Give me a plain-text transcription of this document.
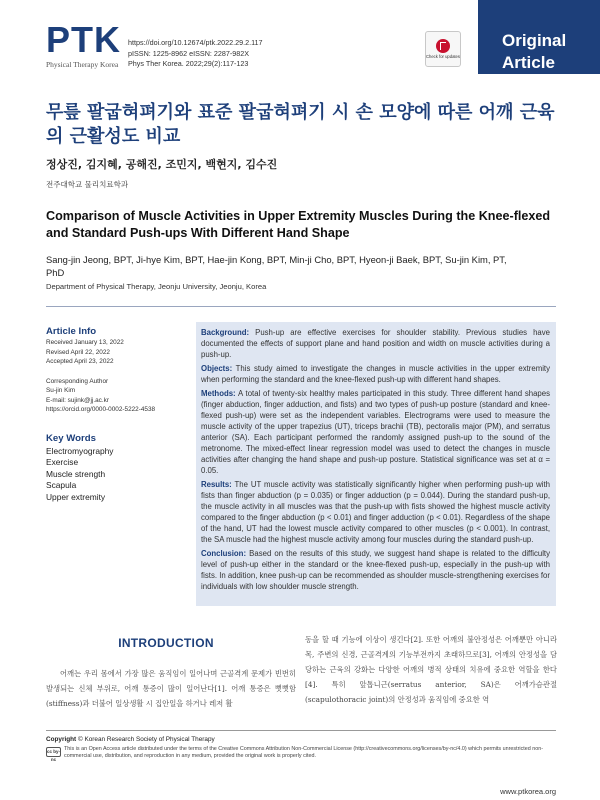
PTK
Physical Therapy Korea
https://doi.org/10.12674/ptk.2022.29.2.117
pISSN: 1225-8962 eISSN: 2287-982X
Phys Ther Korea. 2022;29(2):117-123
Check for updates
Original
Article
무릎 팔굽혀펴기와 표준 팔굽혀펴기 시 손 모양에 따른 어깨 근육의 근활성도 비교
정상진, 김지혜, 공해진, 조민지, 백현지, 김수진
전주대학교 물리치료학과
Comparison of Muscle Activities in Upper Extremity Muscles During the Knee-flexed and Standard Push-ups With Different Hand Shape
Sang-jin Jeong, BPT, Ji-hye Kim, BPT, Hae-jin Kong, BPT, Min-ji Cho, BPT, Hyeon-ji Baek, BPT, Su-jin Kim, PT, PhD
Department of Physical Therapy, Jeonju University, Jeonju, Korea
Article Info
Received January 13, 2022
Revised April 22, 2022
Accepted April 23, 2022
Corresponding Author
Su-jin Kim
E-mail: sujink@jj.ac.kr
https://orcid.org/0000-0002-5222-4538
Key Words
Electromyography
Exercise
Muscle strength
Scapula
Upper extremity

Background: Push-up are effective exercises for shoulder stability. Previous studies have documented the effects of support plane and hand position and width on muscle activities during a push-up.

Objects: This study aimed to investigate the changes in muscle activities in the upper extremity when performing the standard and the knee-flexed push-up with different hand shapes.

Methods: A total of twenty-six healthy males participated in this study. Three different hand shapes (finger abduction, finger adduction, and fists) and two types of push-up posture (standard and knee-flexed push-up) were set as the independent variables. Electrograms were used to measure the muscle activity of the upper trapezius (UT), triceps brachii (TB), pectoralis major (PM), and serratus anterior (SA). Each participant performed the randomly assigned push-up to the sound of the metronome. The mixed-effect linear regression model was used to detect the changes in muscle activities after changing the hand shape and push-up posture. Statistical significance was set at α = 0.05.

Results: The UT muscle activity was statistically significantly higher when performing push-up with fists than finger abduction (p = 0.035) or finger adduction (p = 0.044). During the standard push-up, the muscle activity in all muscles was that the push-up with fists showed the highest muscle activity compared to the finger abduction (p < 0.01) and finger adduction (p < 0.01). Regardless of the shape of the hand, UT had the lowest muscle activity compared to other muscles (p < 0.001). In contrast, the SA muscle had the highest muscle activity among four muscles during the standard push-up.

Conclusion: Based on the results of this study, we suggest hand shape is related to the difficulty level of push-up either in the standard or the knee-flexed push-up, especially in the push-up with fists. In addition, knee push-up can be recommended as shoulder muscle-strengthening exercises for individuals with low shoulder muscle strength.

INTRODUCTION
어깨는 우리 몸에서 가장 많은 움직임이 일어나며 근골격계 문제가 빈번히 발생되는 신체 부위로, 어깨 통증이 많이 일어난다[1]. 어깨 통증은 뻣뻣함(stiffness)과 더불어 일상생활 시 집안일을 하거나 레저 활
동을 할 때 기능에 이상이 생긴다[2]. 또한 어깨의 불안정성은 어깨뿐만 아니라 목, 주변의 신경, 근골격계의 기능부전까지 초래하므로[3], 어깨의 안정성을 담당하는 근육의 강화는 다양한 어깨의 병적 상태의 치유에 중요한 역할을 한다[4]. 특히 앞톱니근(serratus anterior, SA)은 어깨가슴관절(scapulothoracic joint)의 안정성과 움직임에 중요한 역
Copyright © Korean Research Society of Physical Therapy
cc by-nc
This is an Open Access article distributed under the terms of the Creative Commons Attribution Non-Commercial License (http://creativecommons.org/licenses/by-nc/4.0) which permits unrestricted non-commercial use, distribution, and reproduction in any medium, provided the original work is properly cited.
www.ptkorea.org
